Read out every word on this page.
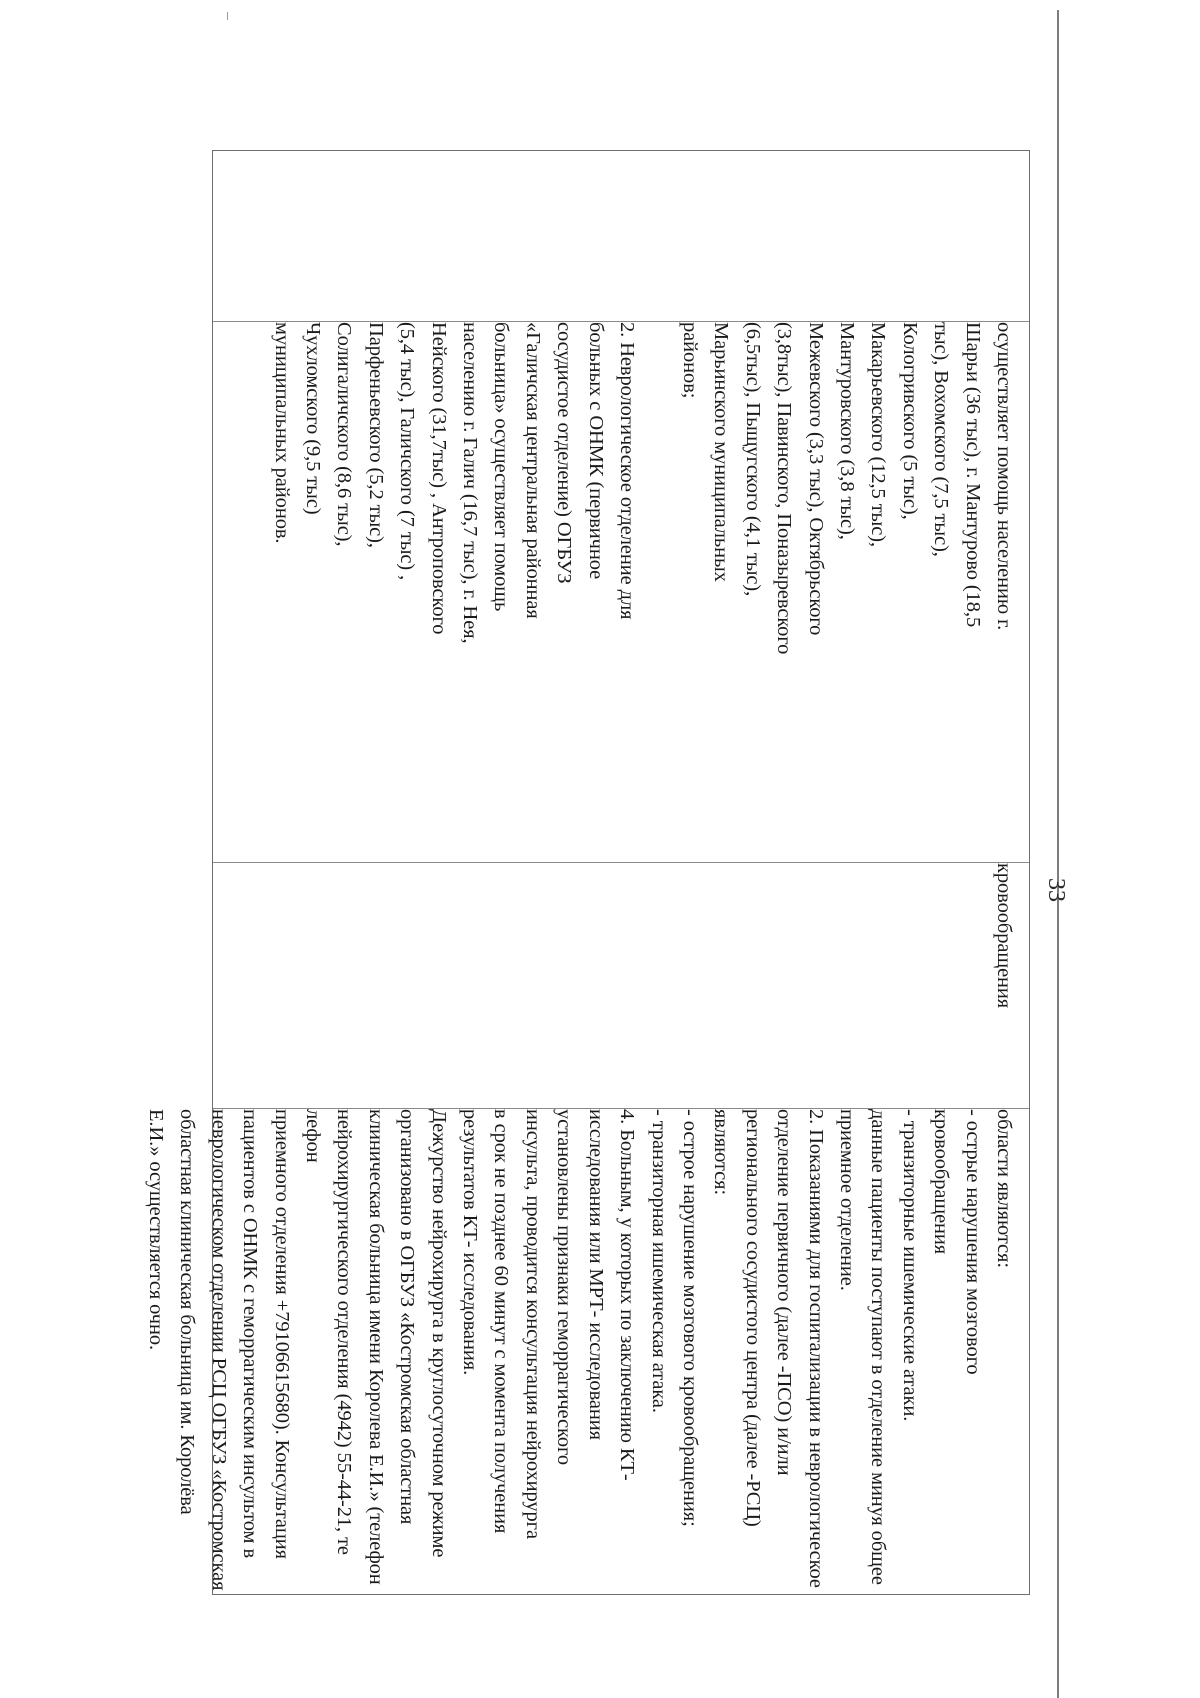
33

осуществляет помощь населению г.

Шарьи (36 тыс), г. Мантурово (18,5

тыс), Вохомского (7,5 тыс),

Кологривского (5 тыс),

Макарьевского (12,5 тыс),

Мантуровского (3,8 тыс),

Межевского (3,3 тыс), Октябрьского

(3,8тыс), Павинского, Поназыревского

(6,5тыс), Пыщугского (4,1 тыс),

Марьинского муниципальных

районов;

2. Неврологическое отделение для

больных с ОНМК (первичное

сосудистое отделение) ОГБУЗ

«Галичская центральная районная

больница» осуществляет помощь

населению г. Галич (16,7 тыс), г. Нея,

Нейского (31,7тыс) , Антроповского

(5,4 тыс), Галичского (7 тыс) ,

Парфеньевского (5,2 тыс),

Солигаличского (8,6 тыс),

Чухломского (9,5 тыс)

муниципальных районов.

кровообращения

области являются:

- острые нарушения мозгового

кровообращения

- транзиторные ишемические атаки.

данные пациенты поступают в отделение минуя общее

приемное отделение.

2. Показаниями для госпитализации в неврологическое

отделение первичного (далее -ПСО) и/или

регионального сосудистого центра (далее -РСЦ)

являются:

- острое нарушение мозгового кровообращения;

- транзиторная ишемическая атака.

4. Больным, у которых по заключению КТ-

исследования или МРТ- исследования

установлены признаки геморрагического

инсульта, проводится консультация нейрохирурга

в срок не позднее 60 минут с момента получения

результатов КТ- исследования.

Дежурство нейрохирурга в круглосуточном режиме

организовано в ОГБУЗ «Костромская областная

клиническая больница имени Королева Е.И.» (телефон

нейрохирургического отделения (4942) 55-44-21, те

лефон

приемного отделения +79106615680). Консультация

пациентов с ОНМК с геморрагическим инсультом в

неврологическом отделении РСЦ ОГБУЗ «Костромская

областная клиническая больница им. Королёва

Е.И.» осуществляется очно.
